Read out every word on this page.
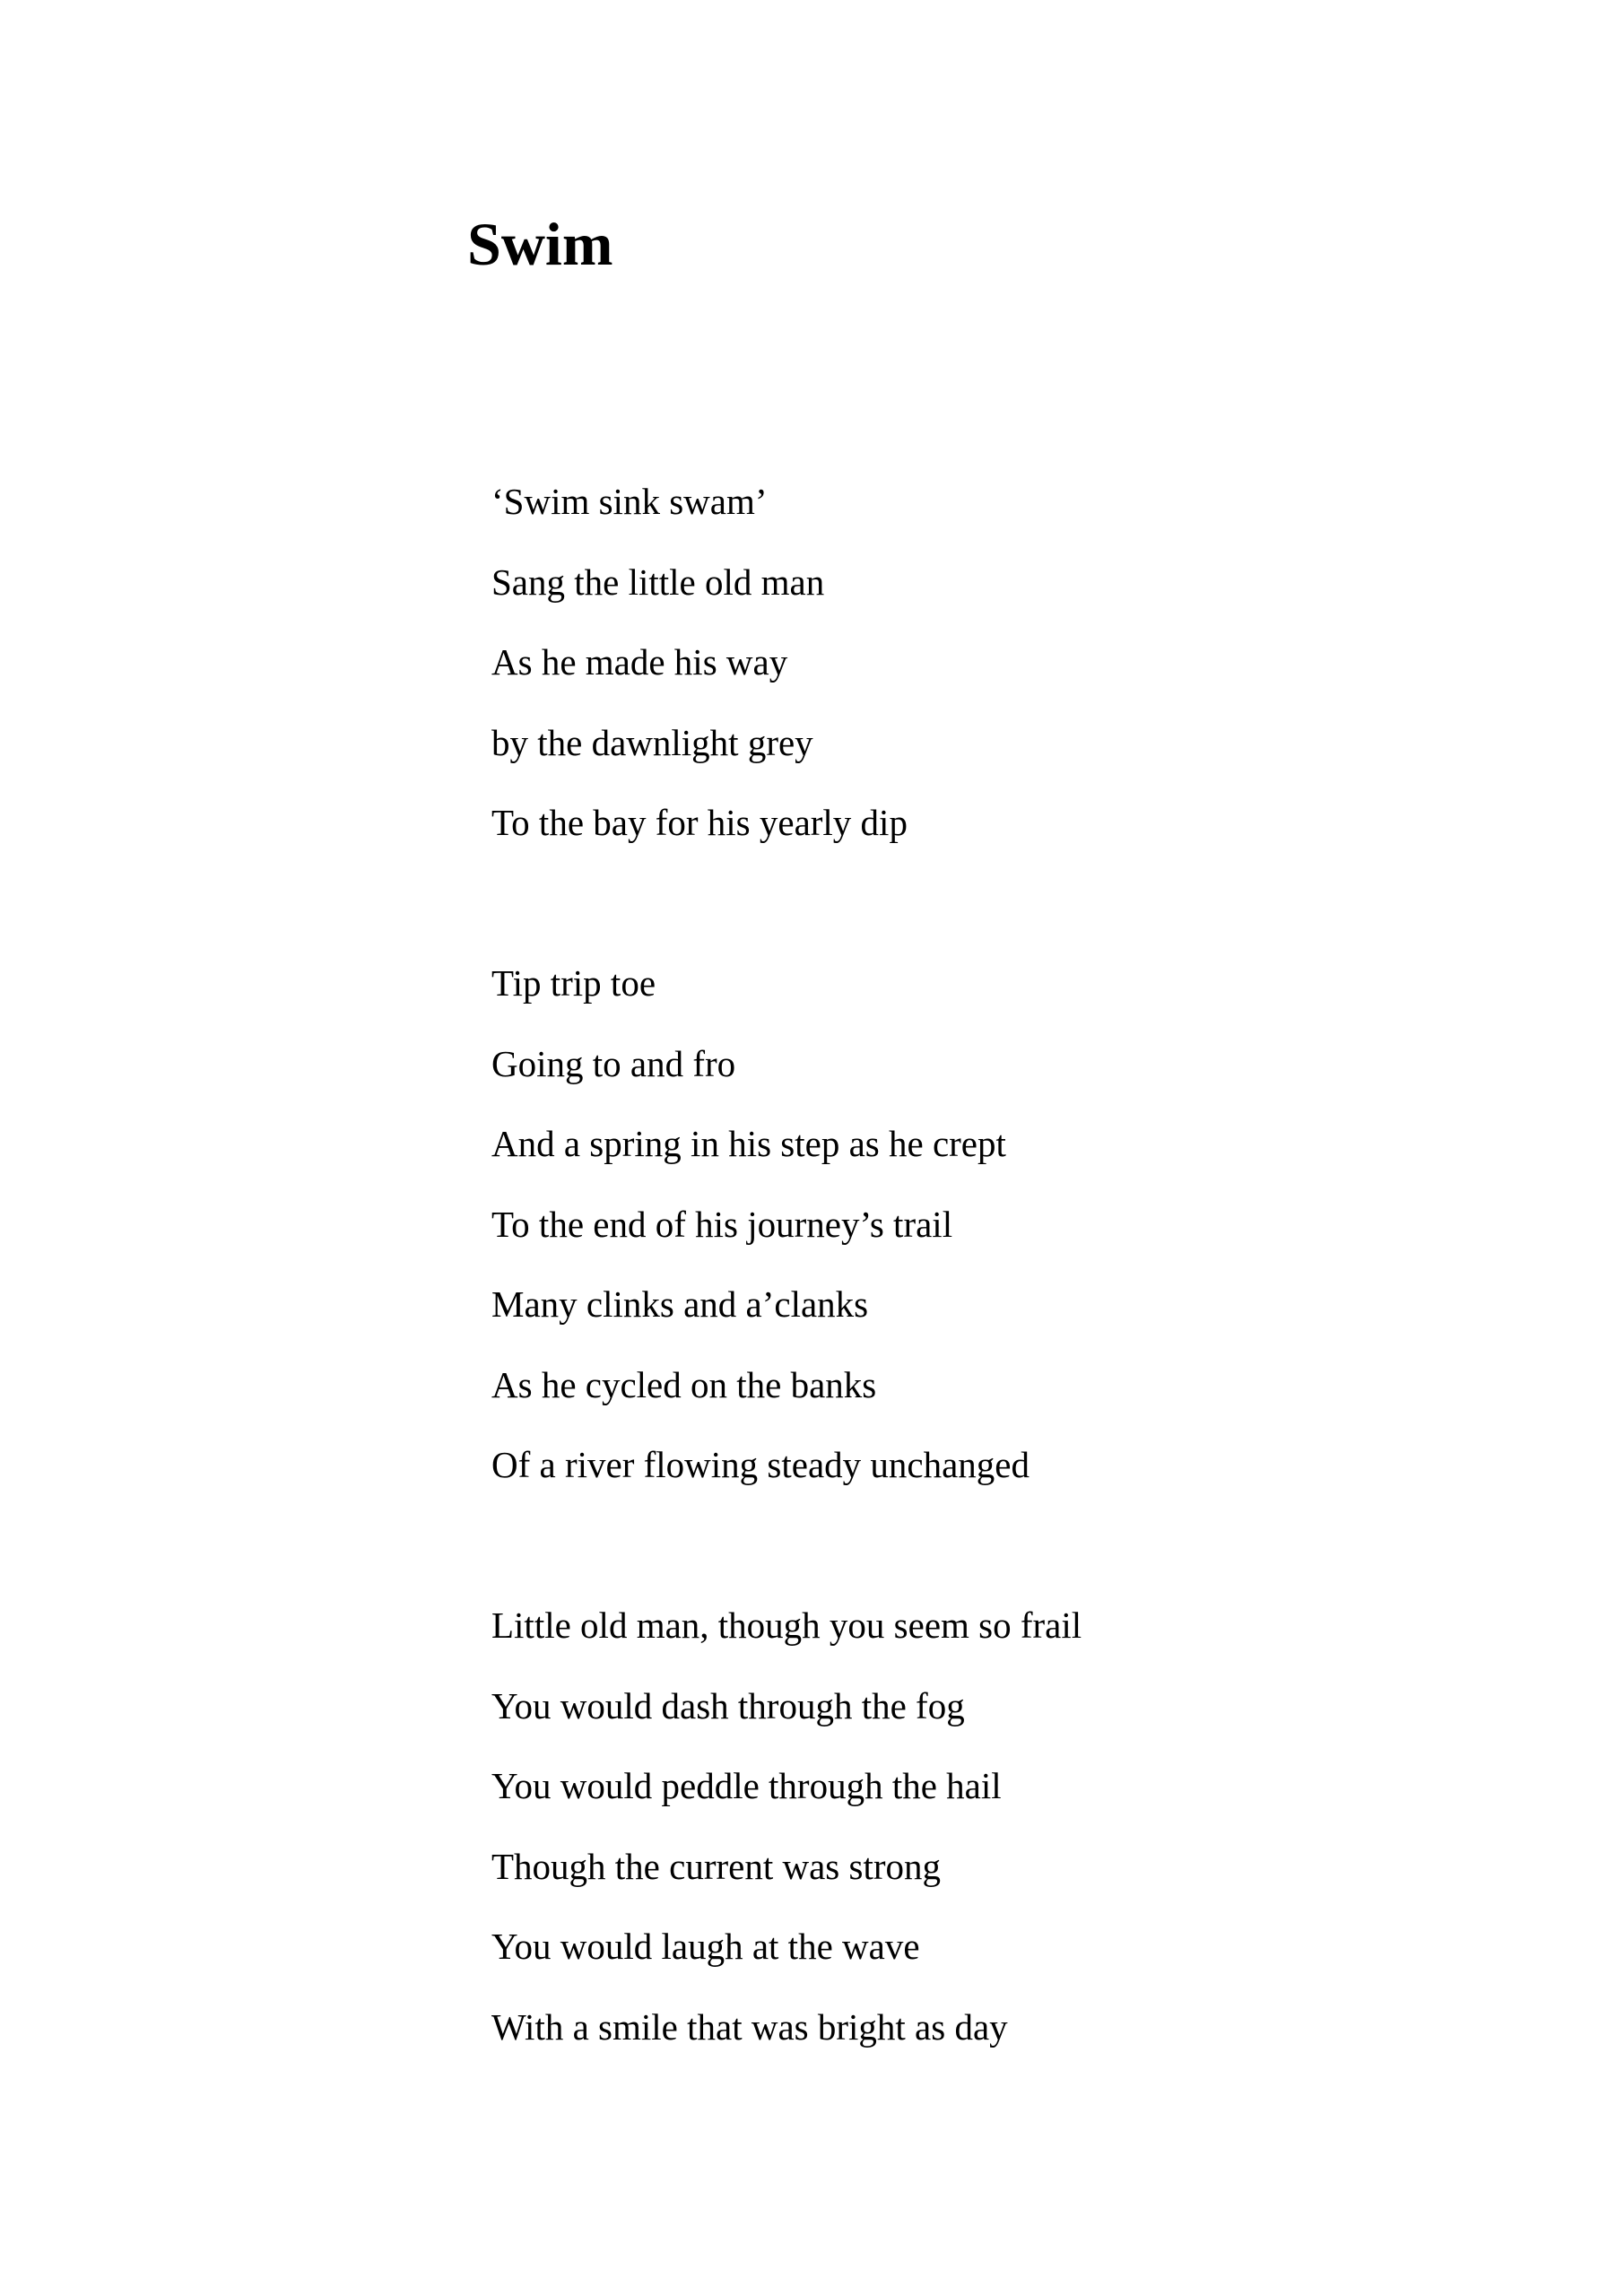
Swim
‘Swim sink swam’
Sang the little old man
As he made his way
by the dawnlight grey
To the bay for his yearly dip
Tip trip toe
Going to and fro
And a spring in his step as he crept
To the end of his journey’s trail
Many clinks and a’clanks
As he cycled on the banks
Of a river flowing steady unchanged
Little old man, though you seem so frail
You would dash through the fog
You would peddle through the hail
Though the current was strong
You would laugh at the wave
With a smile that was bright as day
